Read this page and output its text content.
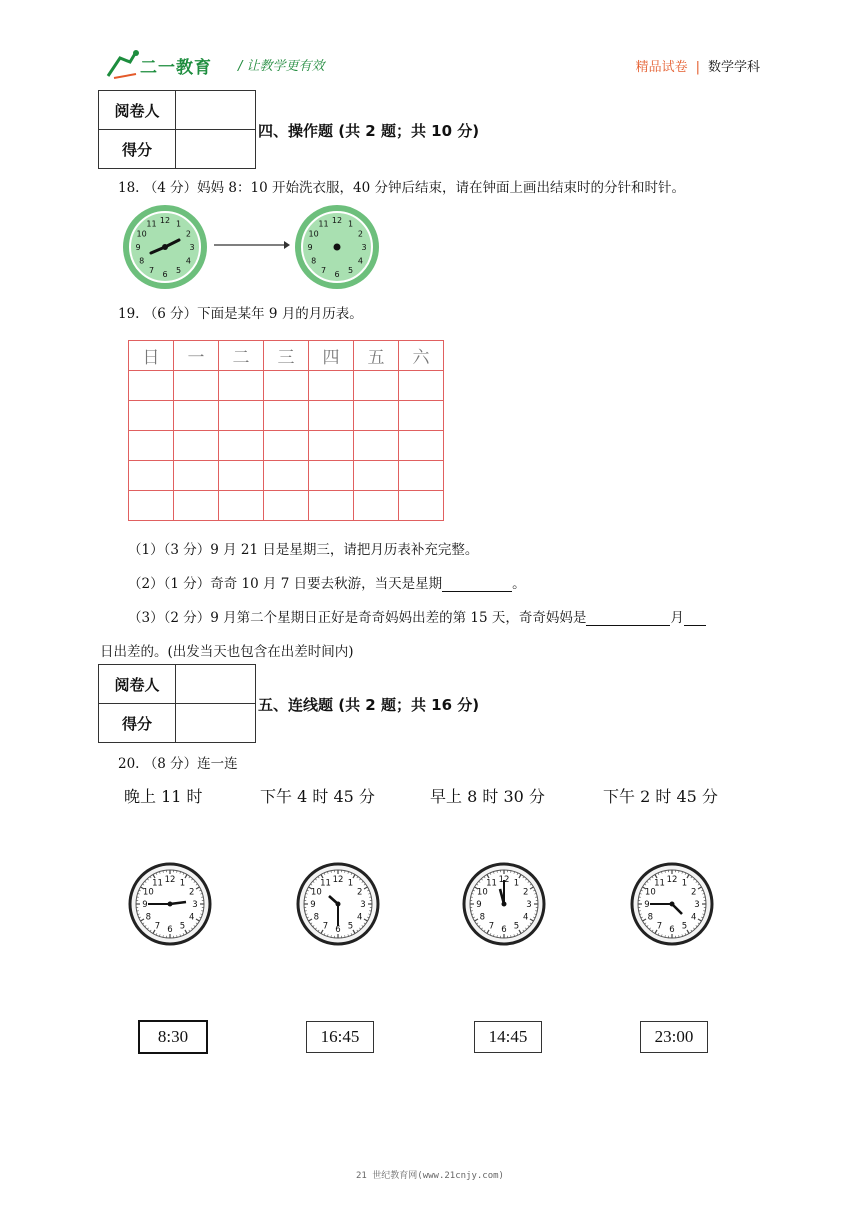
二一教育 / 让教学更有效	精品试卷 | 数学学科
阅卷人	
得分	
四、操作题 (共 2 题；共 10 分)
18. （4 分）妈妈 8：10 开始洗衣服，40 分钟后结束，请在钟面上画出结束时的分针和时针。
12 1
2
3
4
5
6
7
8
9
10
11	12 1
2
3
4
5
6
7
8
9
10
11
19. （6 分）下面是某年 9 月的月历表。
日	一	二	三	四	五	六

（1）（3 分）9 月 21 日是星期三，请把月历表补充完整。
（2）（1 分）奇奇 10 月 7 日要去秋游，当天是星期	。
（3）（2 分）9 月第二个星期日正好是奇奇妈妈出差的第 15 天，奇奇妈妈是	月
日出差的。(出发当天也包含在出差时间内)
阅卷人	
得分	
五、连线题 (共 2 题；共 16 分)
20. （8 分）连一连
晚上 11 时	下午 4 时 45 分	早上 8 时 30 分	下午 2 时 45 分
12 1
2
3
4
5
6
7
8
9
10
11	12 1
2
3
4
5
6
7
8
9
10
11	12 1
2
3
4
5
6
7
8
9
10
11	12 1
2
3
4
5
6
7
8
9
10
11
8:30	16:45	14:45	23:00
21 世纪教育网(www.21cnjy.com)
